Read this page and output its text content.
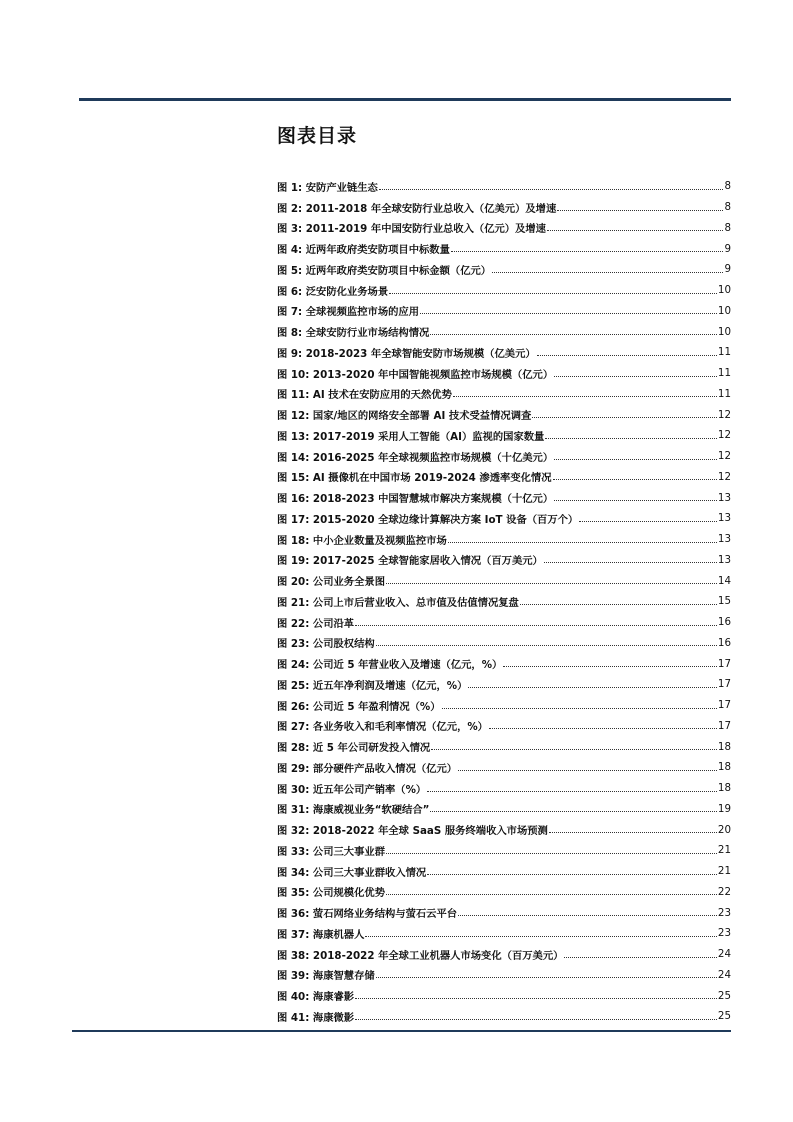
图表目录
图 1: 安防产业链生态	8
图 2: 2011-2018 年全球安防行业总收入（亿美元）及增速	8
图 3: 2011-2019 年中国安防行业总收入（亿元）及增速	8
图 4: 近两年政府类安防项目中标数量	9
图 5: 近两年政府类安防项目中标金额（亿元）	9
图 6: 泛安防化业务场景	10
图 7: 全球视频监控市场的应用	10
图 8: 全球安防行业市场结构情况	10
图 9: 2018-2023 年全球智能安防市场规模（亿美元）	11
图 10: 2013-2020 年中国智能视频监控市场规模（亿元）	11
图 11: AI 技术在安防应用的天然优势	11
图 12: 国家/地区的网络安全部署 AI 技术受益情况调查	12
图 13: 2017-2019 采用人工智能（AI）监视的国家数量	12
图 14: 2016-2025 年全球视频监控市场规模（十亿美元）	12
图 15: AI 摄像机在中国市场 2019-2024 渗透率变化情况	12
图 16: 2018-2023 中国智慧城市解决方案规模（十亿元）	13
图 17: 2015-2020 全球边缘计算解决方案 IoT 设备（百万个）	13
图 18: 中小企业数量及视频监控市场	13
图 19: 2017-2025 全球智能家居收入情况（百万美元）	13
图 20: 公司业务全景图	14
图 21: 公司上市后营业收入、总市值及估值情况复盘	15
图 22: 公司沿革	16
图 23: 公司股权结构	16
图 24: 公司近 5 年营业收入及增速（亿元，%）	17
图 25: 近五年净利润及增速（亿元，%）	17
图 26: 公司近 5 年盈利情况（%）	17
图 27: 各业务收入和毛利率情况（亿元，%）	17
图 28: 近 5 年公司研发投入情况	18
图 29: 部分硬件产品收入情况（亿元）	18
图 30: 近五年公司产销率（%）	18
图 31: 海康威视业务“软硬结合”	19
图 32: 2018-2022 年全球 SaaS 服务终端收入市场预测	20
图 33: 公司三大事业群	21
图 34: 公司三大事业群收入情况	21
图 35: 公司规模化优势	22
图 36: 萤石网络业务结构与萤石云平台	23
图 37: 海康机器人	23
图 38: 2018-2022 年全球工业机器人市场变化（百万美元）	24
图 39: 海康智慧存储	24
图 40: 海康睿影	25
图 41: 海康微影	25
